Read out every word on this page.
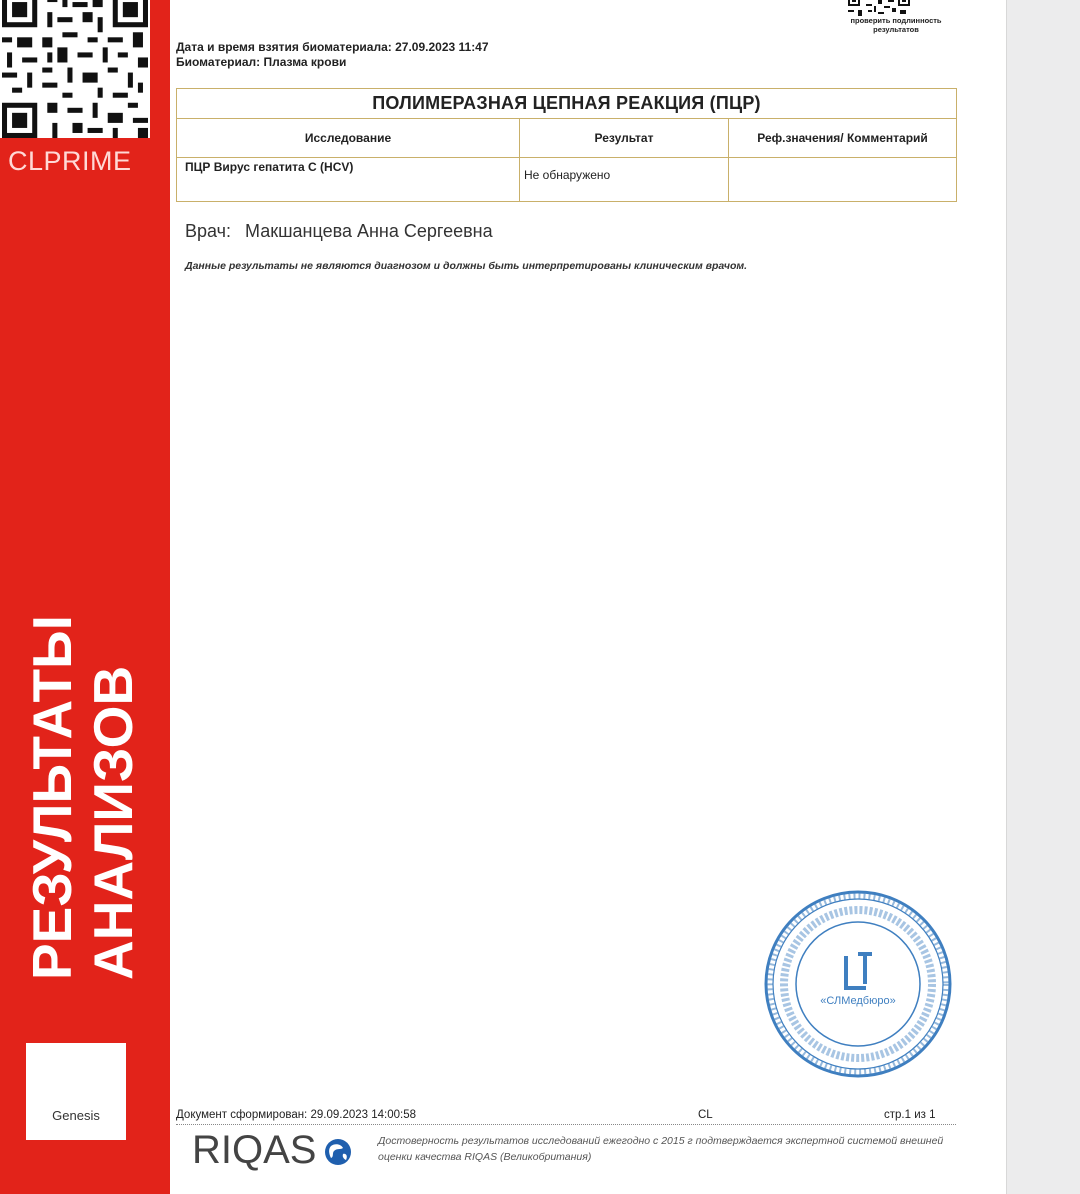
CLPRIME
РЕЗУЛЬТАТЫ АНАЛИЗОВ
Genesis
проверить подлинность результатов
Дата и время взятия биоматериала: 27.09.2023 11:47
Биоматериал: Плазма крови
ПОЛИМЕРАЗНАЯ ЦЕПНАЯ РЕАКЦИЯ (ПЦР)		
Исследование	Результат	Реф.значения/ Комментарий
ПЦР Вирус гепатита С (HCV)	Не обнаружено	
Врач: Макшанцева Анна Сергеевна
Данные результаты не являются диагнозом и должны быть интерпретированы клиническим врачом.
«СЛМедбюро»
Документ сформирован: 29.09.2023 14:00:58	CL	стр.1 из 1
RIQAS	Достоверность результатов исследований ежегодно с 2015 г подтверждается экспертной системой внешней оценки качества RIQAS (Великобритания)
